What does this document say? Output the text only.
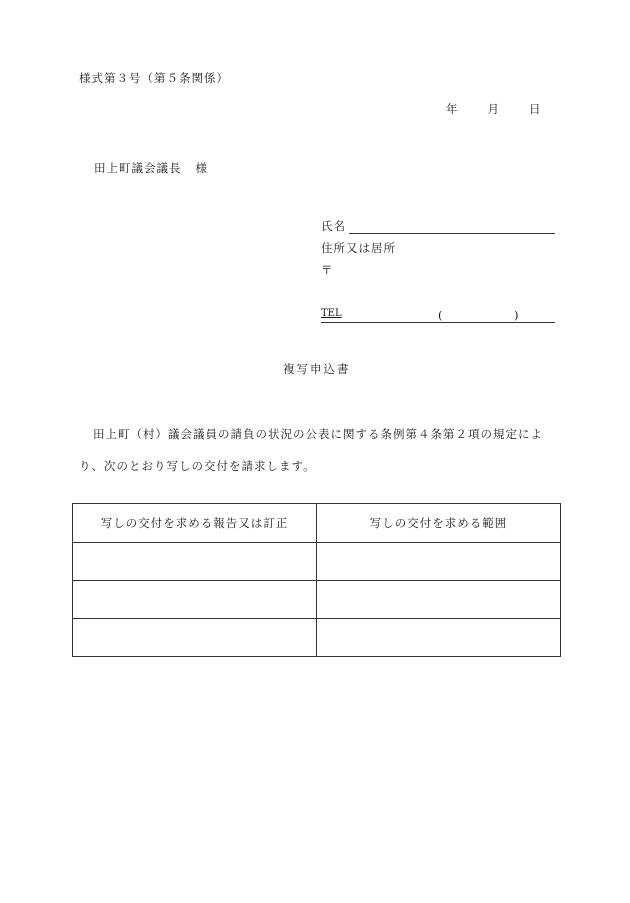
様式第３号（第５条関係）
年	月	日
田上町議会議長 様
氏名
住所又は居所
〒
TEL	(	)
複写申込書
田上町（村）議会議員の請負の状況の公表に関する条例第４条第２項の規定により、次のとおり写しの交付を請求します。
写しの交付を求める報告又は訂正	写しの交付を求める範囲
